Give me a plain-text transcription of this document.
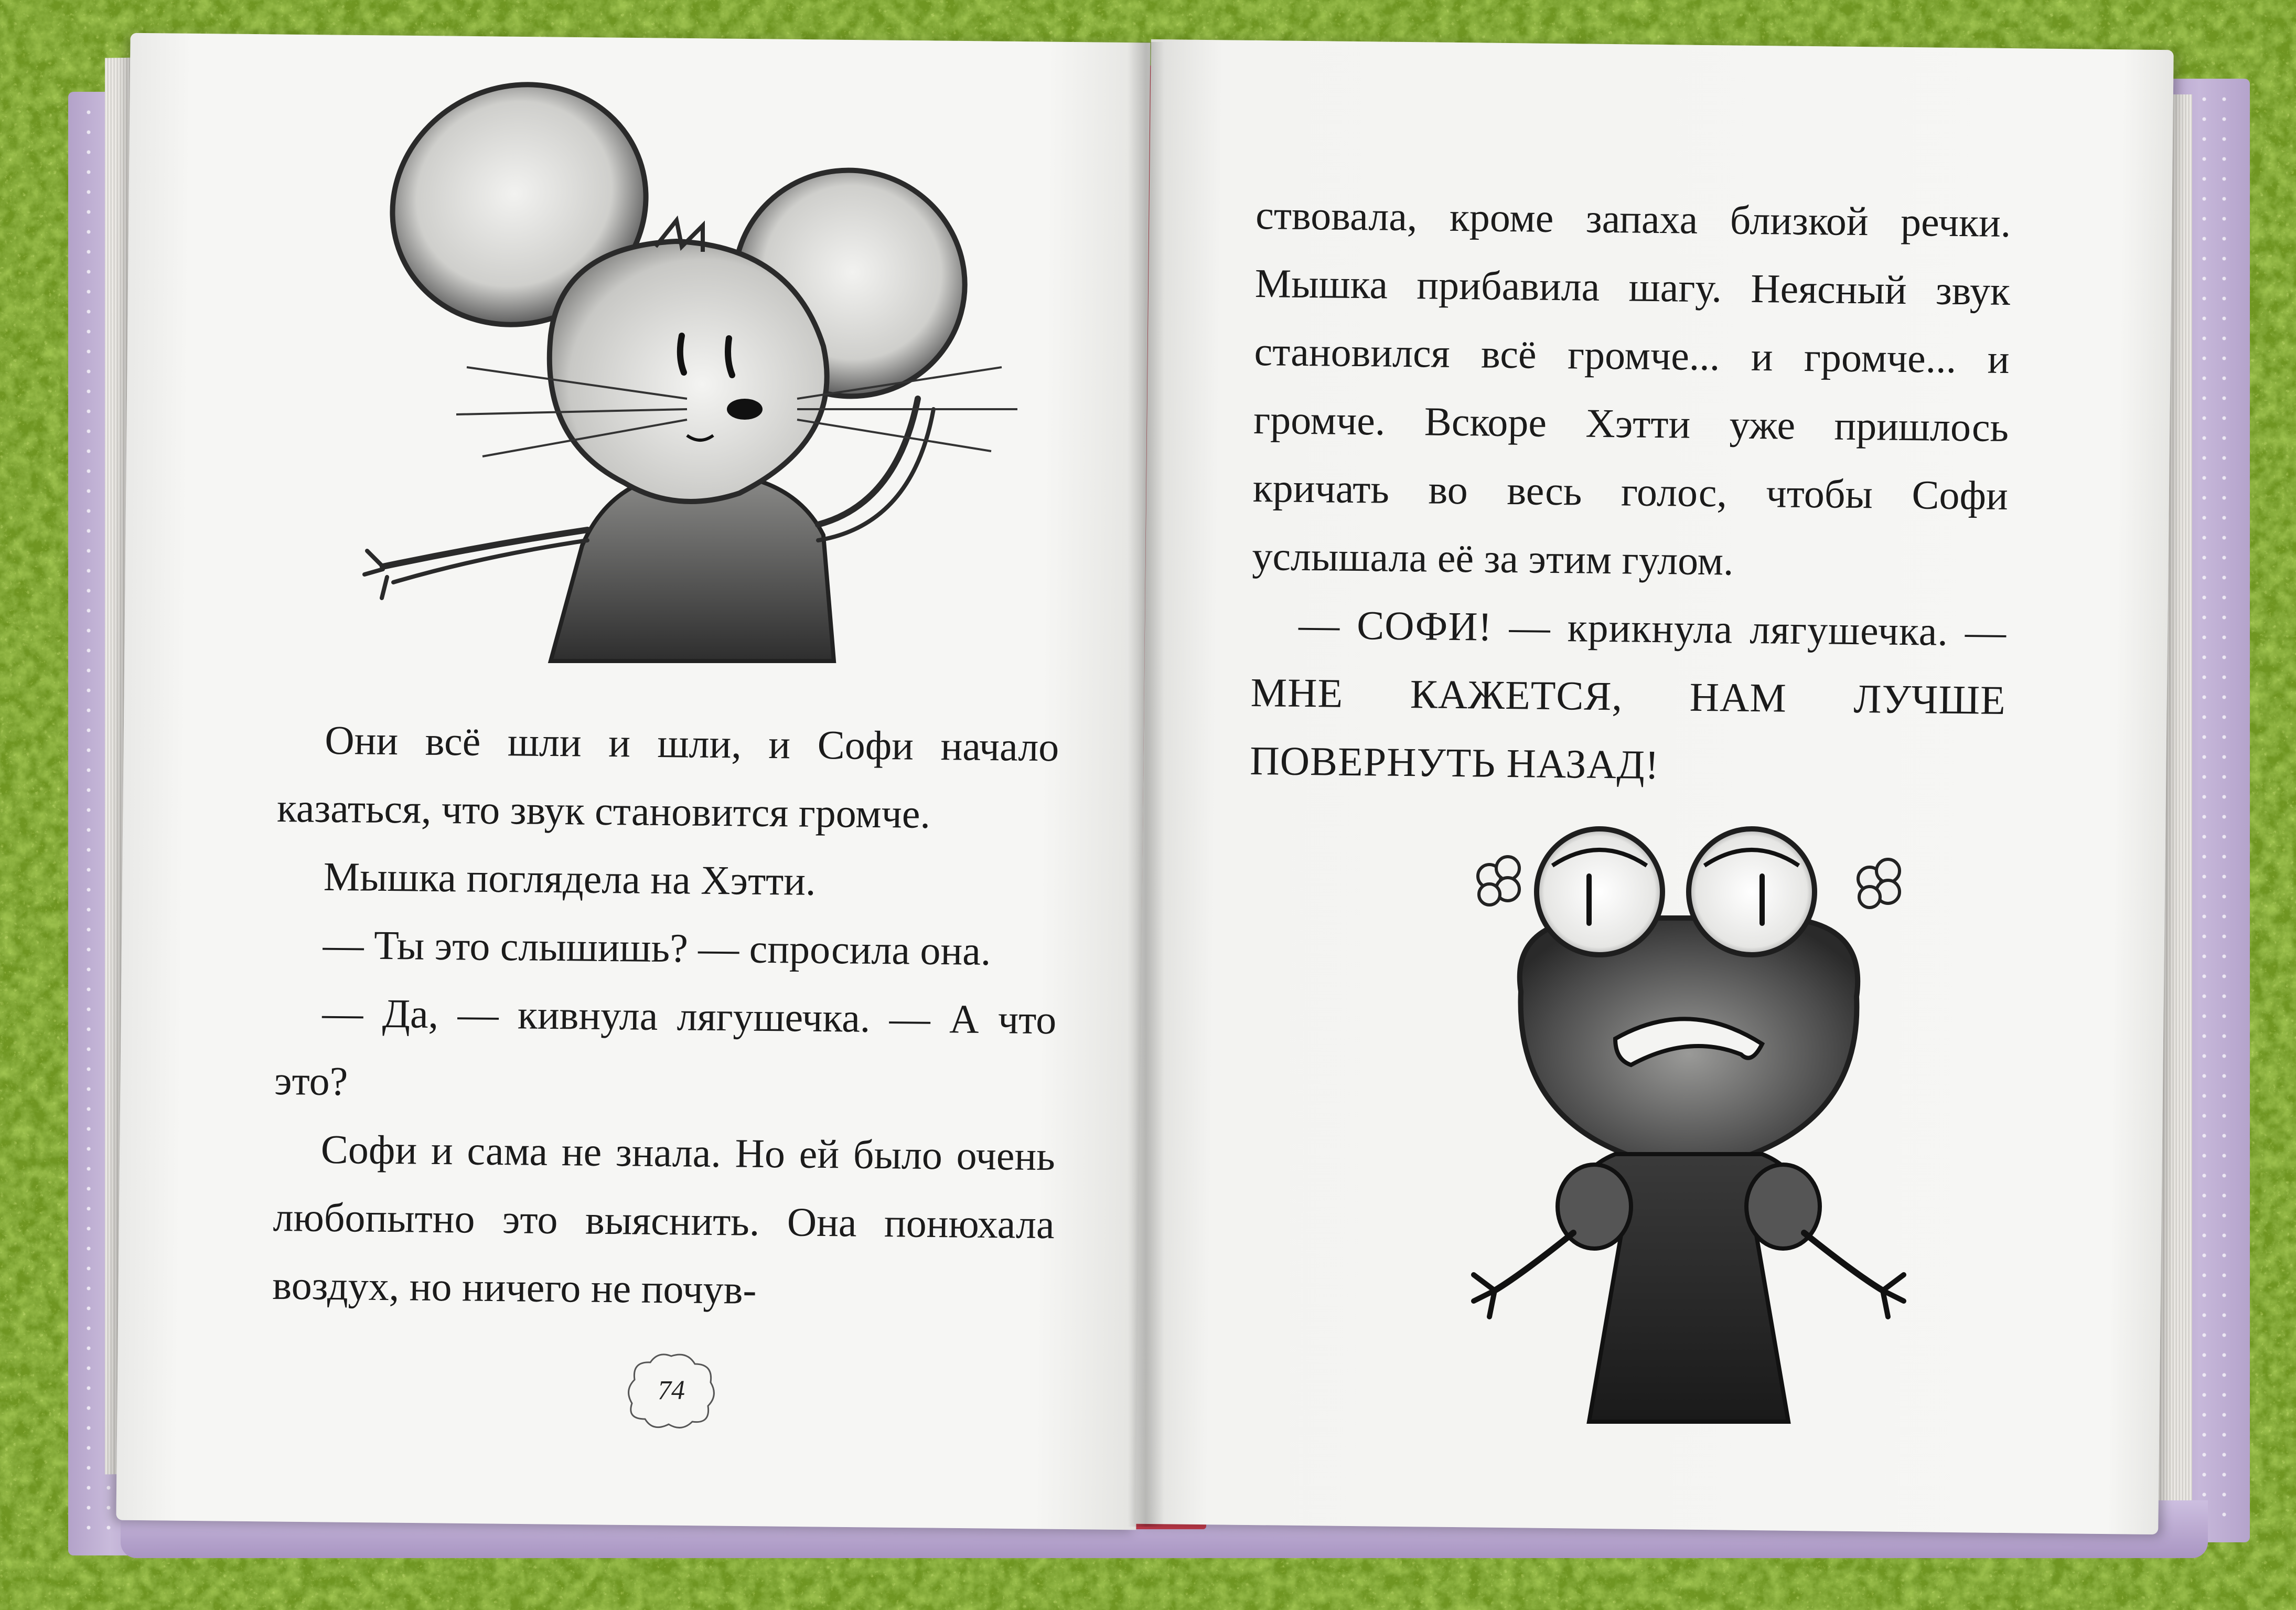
Они всё шли и шли, и Софи начало казаться, что звук становится громче.

Мышка поглядела на Хэтти.

— Ты это слышишь? — спросила она.

— Да, — кивнула лягушечка. — А что это?

Софи и сама не знала. Но ей было очень любопытно это выяснить. Она понюхала воздух, но ничего не почув-

74

ствовала, кроме запаха близкой речки. Мышка прибавила шагу. Неясный звук становился всё громче... и громче... и громче. Вскоре Хэтти уже пришлось кричать во весь голос, чтобы Софи услышала её за этим гулом.

— СОФИ! — крикнула лягушечка. — МНЕ КАЖЕТСЯ, НАМ ЛУЧШЕ ПОВЕРНУТЬ НАЗАД!
